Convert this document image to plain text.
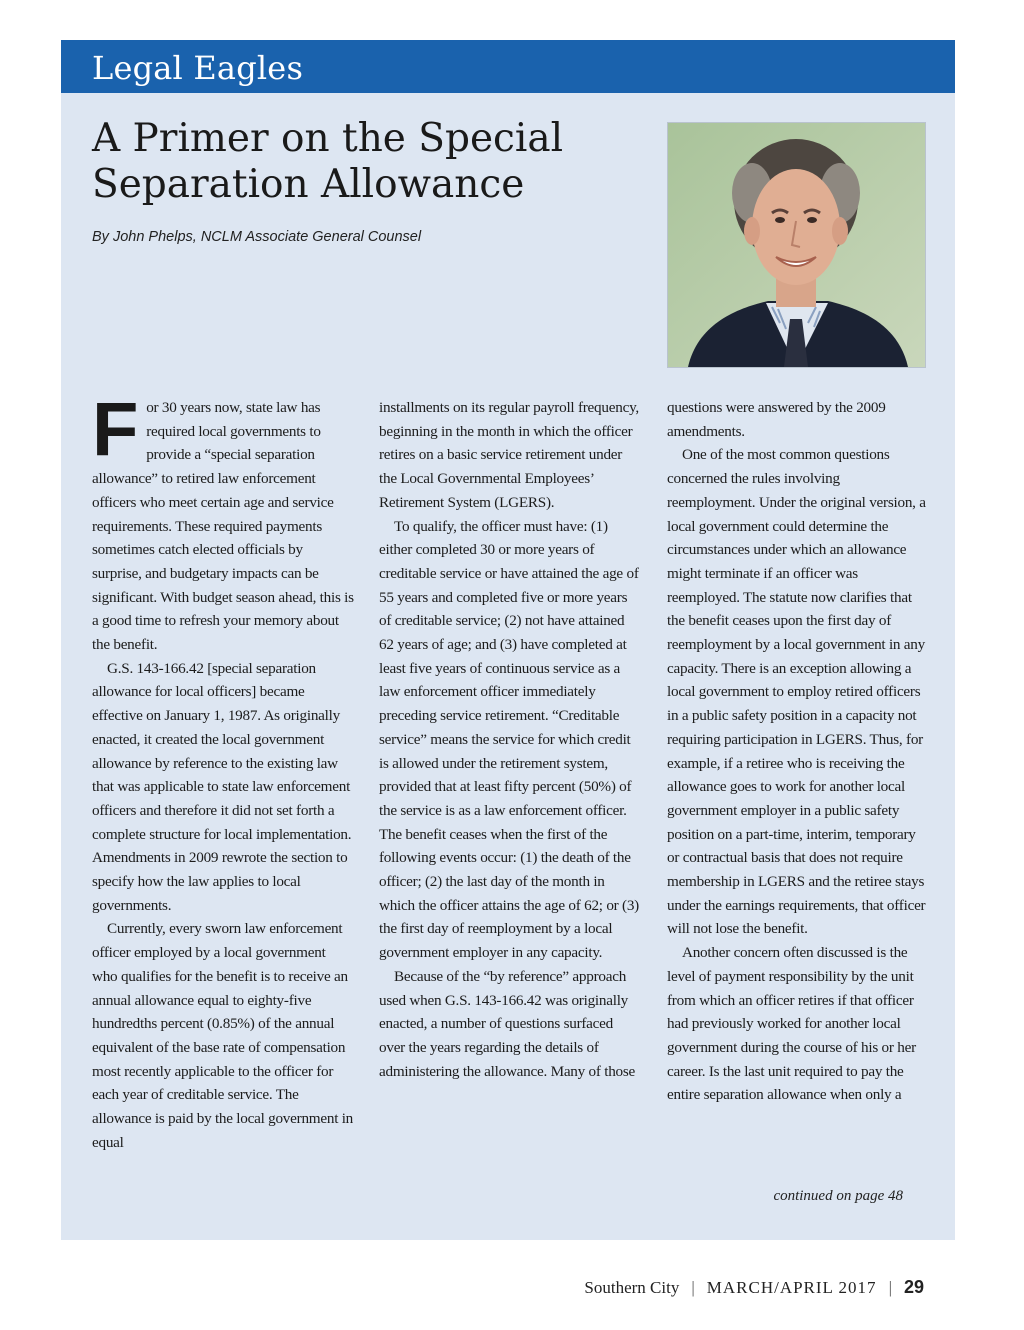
Legal Eagles
A Primer on the Special Separation Allowance
By John Phelps, NCLM Associate General Counsel

For 30 years now, state law has required local governments to provide a “special separation allowance” to retired law enforcement officers who meet certain age and service requirements. These required payments sometimes catch elected officials by surprise, and budgetary impacts can be significant. With budget season ahead, this is a good time to refresh your memory about the benefit.

G.S. 143-166.42 [special separation allowance for local officers] became effective on January 1, 1987. As originally enacted, it created the local government allowance by reference to the existing law that was applicable to state law enforcement officers and therefore it did not set forth a complete structure for local implementation. Amendments in 2009 rewrote the section to specify how the law applies to local governments.

Currently, every sworn law enforcement officer employed by a local government who qualifies for the benefit is to receive an annual allowance equal to eighty-five hundredths percent (0.85%) of the annual equivalent of the base rate of compensation most recently applicable to the officer for each year of creditable service. The allowance is paid by the local government in equal

installments on its regular payroll frequency, beginning in the month in which the officer retires on a basic service retirement under the Local Governmental Employees’ Retirement System (LGERS).

To qualify, the officer must have: (1) either completed 30 or more years of creditable service or have attained the age of 55 years and completed five or more years of creditable service; (2) not have attained 62 years of age; and (3) have completed at least five years of continuous service as a law enforcement officer immediately preceding service retirement. “Creditable service” means the service for which credit is allowed under the retirement system, provided that at least fifty percent (50%) of the service is as a law enforcement officer. The benefit ceases when the first of the following events occur: (1) the death of the officer; (2) the last day of the month in which the officer attains the age of 62; or (3) the first day of reemployment by a local government employer in any capacity.

Because of the “by reference” approach used when G.S. 143-166.42 was originally enacted, a number of questions surfaced over the years regarding the details of administering the allowance. Many of those

questions were answered by the 2009 amendments.

One of the most common questions concerned the rules involving reemployment. Under the original version, a local government could determine the circumstances under which an allowance might terminate if an officer was reemployed. The statute now clarifies that the benefit ceases upon the first day of reemployment by a local government in any capacity. There is an exception allowing a local government to employ retired officers in a public safety position in a capacity not requiring participation in LGERS. Thus, for example, if a retiree who is receiving the allowance goes to work for another local government employer in a public safety position on a part-time, interim, temporary or contractual basis that does not require membership in LGERS and the retiree stays under the earnings requirements, that officer will not lose the benefit.

Another concern often discussed is the level of payment responsibility by the unit from which an officer retires if that officer had previously worked for another local government during the course of his or her career. Is the last unit required to pay the entire separation allowance when only a

continued on page 48
Southern City | MARCH/APRIL 2017 | 29
